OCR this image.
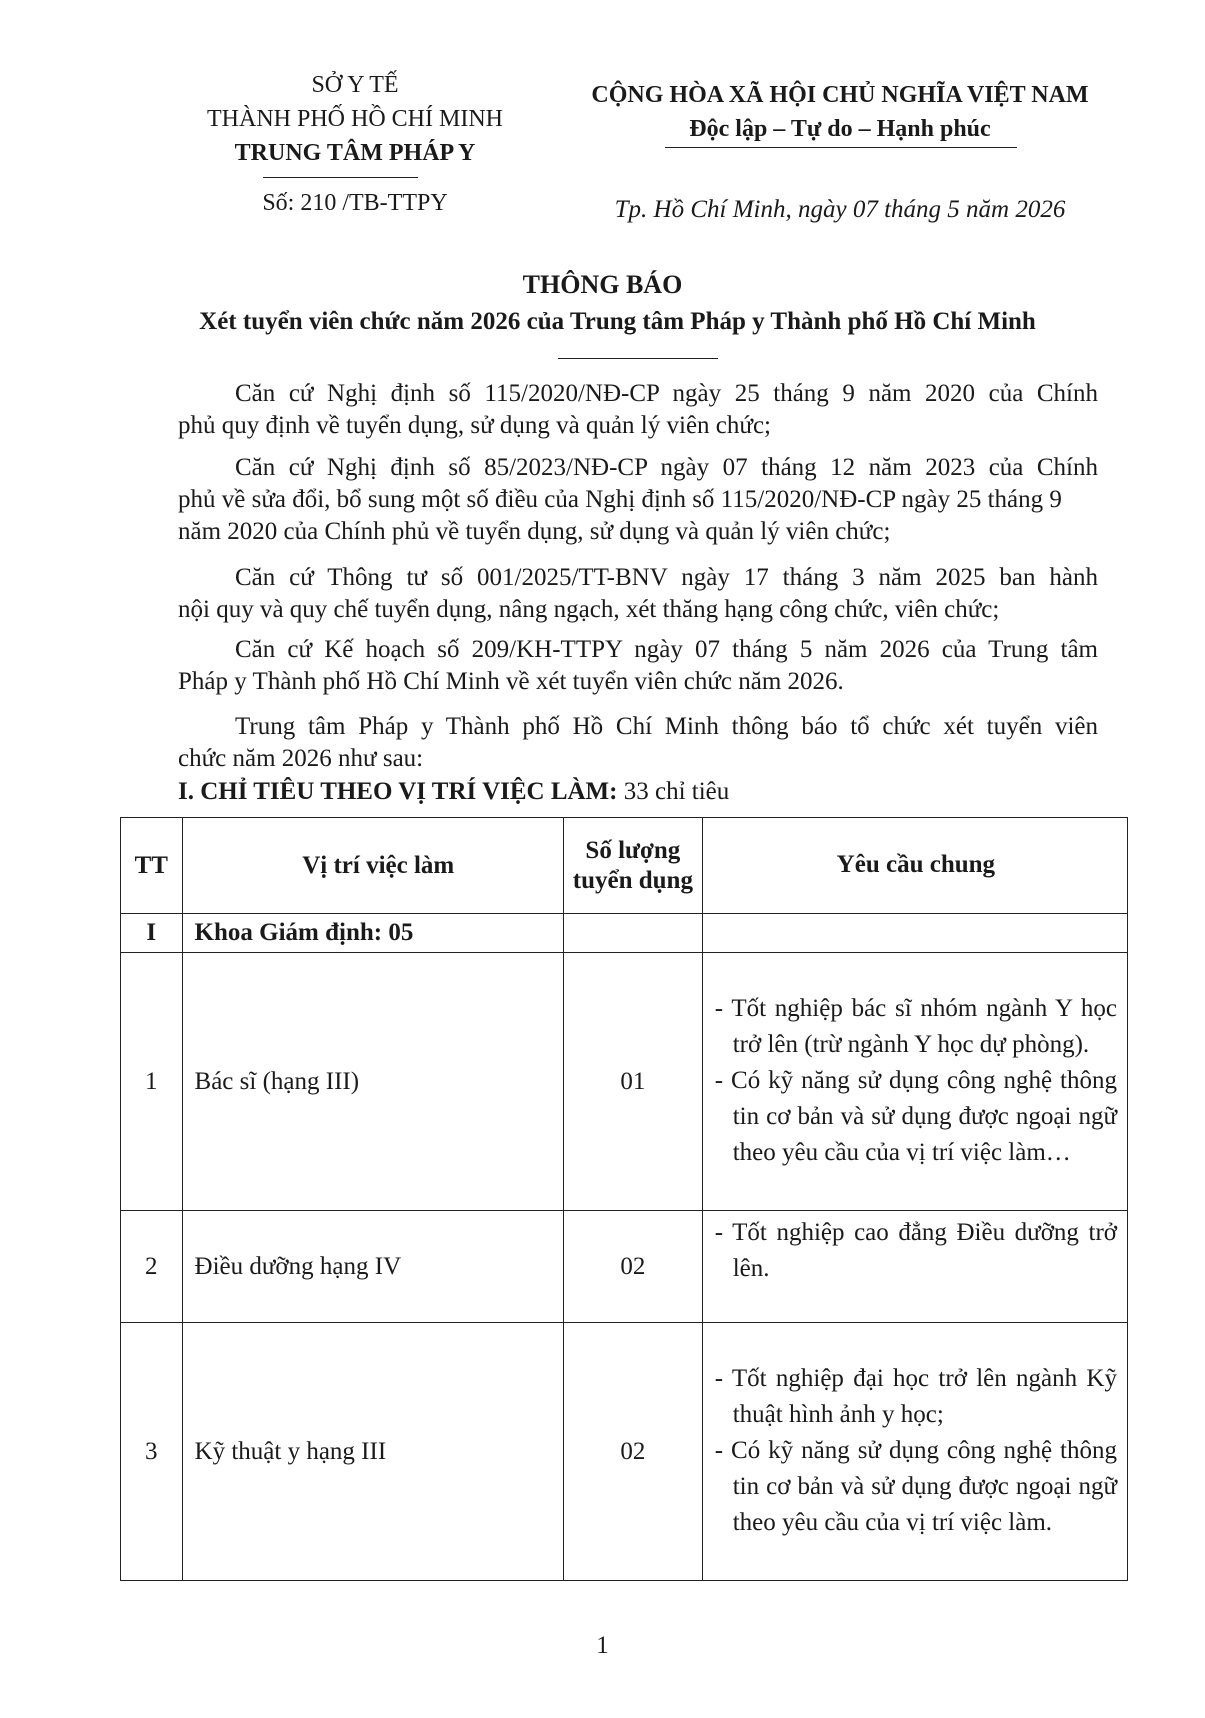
SỞ Y TẾ
THÀNH PHỐ HỒ CHÍ MINH
TRUNG TÂM PHÁP Y
Số: 210 /TB-TTPY
CỘNG HÒA XÃ HỘI CHỦ NGHĨA VIỆT NAM
Độc lập – Tự do – Hạnh phúc
Tp. Hồ Chí Minh, ngày 07 tháng 5 năm 2026
THÔNG BÁO
Xét tuyển viên chức năm 2026 của Trung tâm Pháp y Thành phố Hồ Chí Minh
Căn cứ Nghị định số 115/2020/NĐ-CP ngày 25 tháng 9 năm 2020 của Chính
phủ quy định về tuyển dụng, sử dụng và quản lý viên chức;
Căn cứ Nghị định số 85/2023/NĐ-CP ngày 07 tháng 12 năm 2023 của Chính
phủ về sửa đổi, bổ sung một số điều của Nghị định số 115/2020/NĐ-CP ngày 25 tháng 9 năm 2020 của Chính phủ về tuyển dụng, sử dụng và quản lý viên chức;
Căn cứ Thông tư số 001/2025/TT-BNV ngày 17 tháng 3 năm 2025 ban hành
nội quy và quy chế tuyển dụng, nâng ngạch, xét thăng hạng công chức, viên chức;
Căn cứ Kế hoạch số 209/KH-TTPY ngày 07 tháng 5 năm 2026 của Trung tâm
Pháp y Thành phố Hồ Chí Minh về xét tuyển viên chức năm 2026.
Trung tâm Pháp y Thành phố Hồ Chí Minh thông báo tổ chức xét tuyển viên
chức năm 2026 như sau:
I. CHỈ TIÊU THEO VỊ TRÍ VIỆC LÀM: 33 chỉ tiêu
TT	Vị trí việc làm	Số lượng tuyển dụng	Yêu cầu chung
I	Khoa Giám định: 05		
1	Bác sĩ (hạng III)	01	- Tốt nghiệp bác sĩ nhóm ngành Y học trở lên (trừ ngành Y học dự phòng).
- Có kỹ năng sử dụng công nghệ thông tin cơ bản và sử dụng được ngoại ngữ theo yêu cầu của vị trí việc làm…

2	Điều dưỡng hạng IV	02	- Tốt nghiệp cao đẳng Điều dưỡng trở lên.

3	Kỹ thuật y hạng III	02	- Tốt nghiệp đại học trở lên ngành Kỹ thuật hình ảnh y học;
- Có kỹ năng sử dụng công nghệ thông tin cơ bản và sử dụng được ngoại ngữ theo yêu cầu của vị trí việc làm.
1
